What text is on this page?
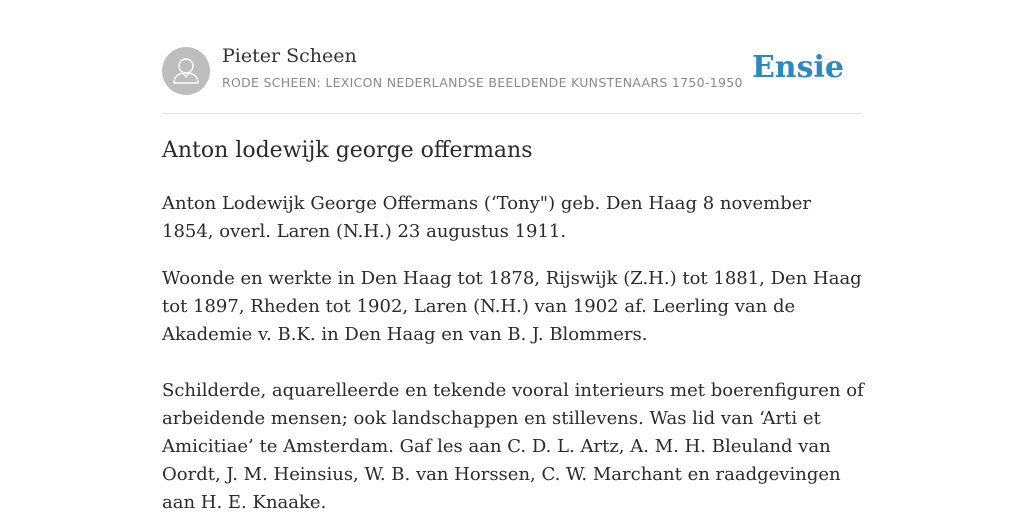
Pieter Scheen
RODE SCHEEN: LEXICON NEDERLANDSE BEELDENDE KUNSTENAARS 1750-1950 Ensie
Anton lodewijk george offermans

Anton Lodewijk George Offermans (‘Tony") geb. Den Haag 8 november 1854, overl. Laren (N.H.) 23 augustus 1911.

Woonde en werkte in Den Haag tot 1878, Rijswijk (Z.H.) tot 1881, Den Haag tot 1897, Rheden tot 1902, Laren (N.H.) van 1902 af. Leerling van de Akademie v. B.K. in Den Haag en van B. J. Blommers.

Schilderde, aquarelleerde en tekende vooral interieurs met boerenfiguren of arbeidende mensen; ook landschappen en stillevens. Was lid van ‘Arti et Amicitiae’ te Amsterdam. Gaf les aan C. D. L. Artz, A. M. H. Bleuland van Oordt, J. M. Heinsius, W. B. van Horssen, C. W. Marchant en raadgevingen aan H. E. Knaake.
